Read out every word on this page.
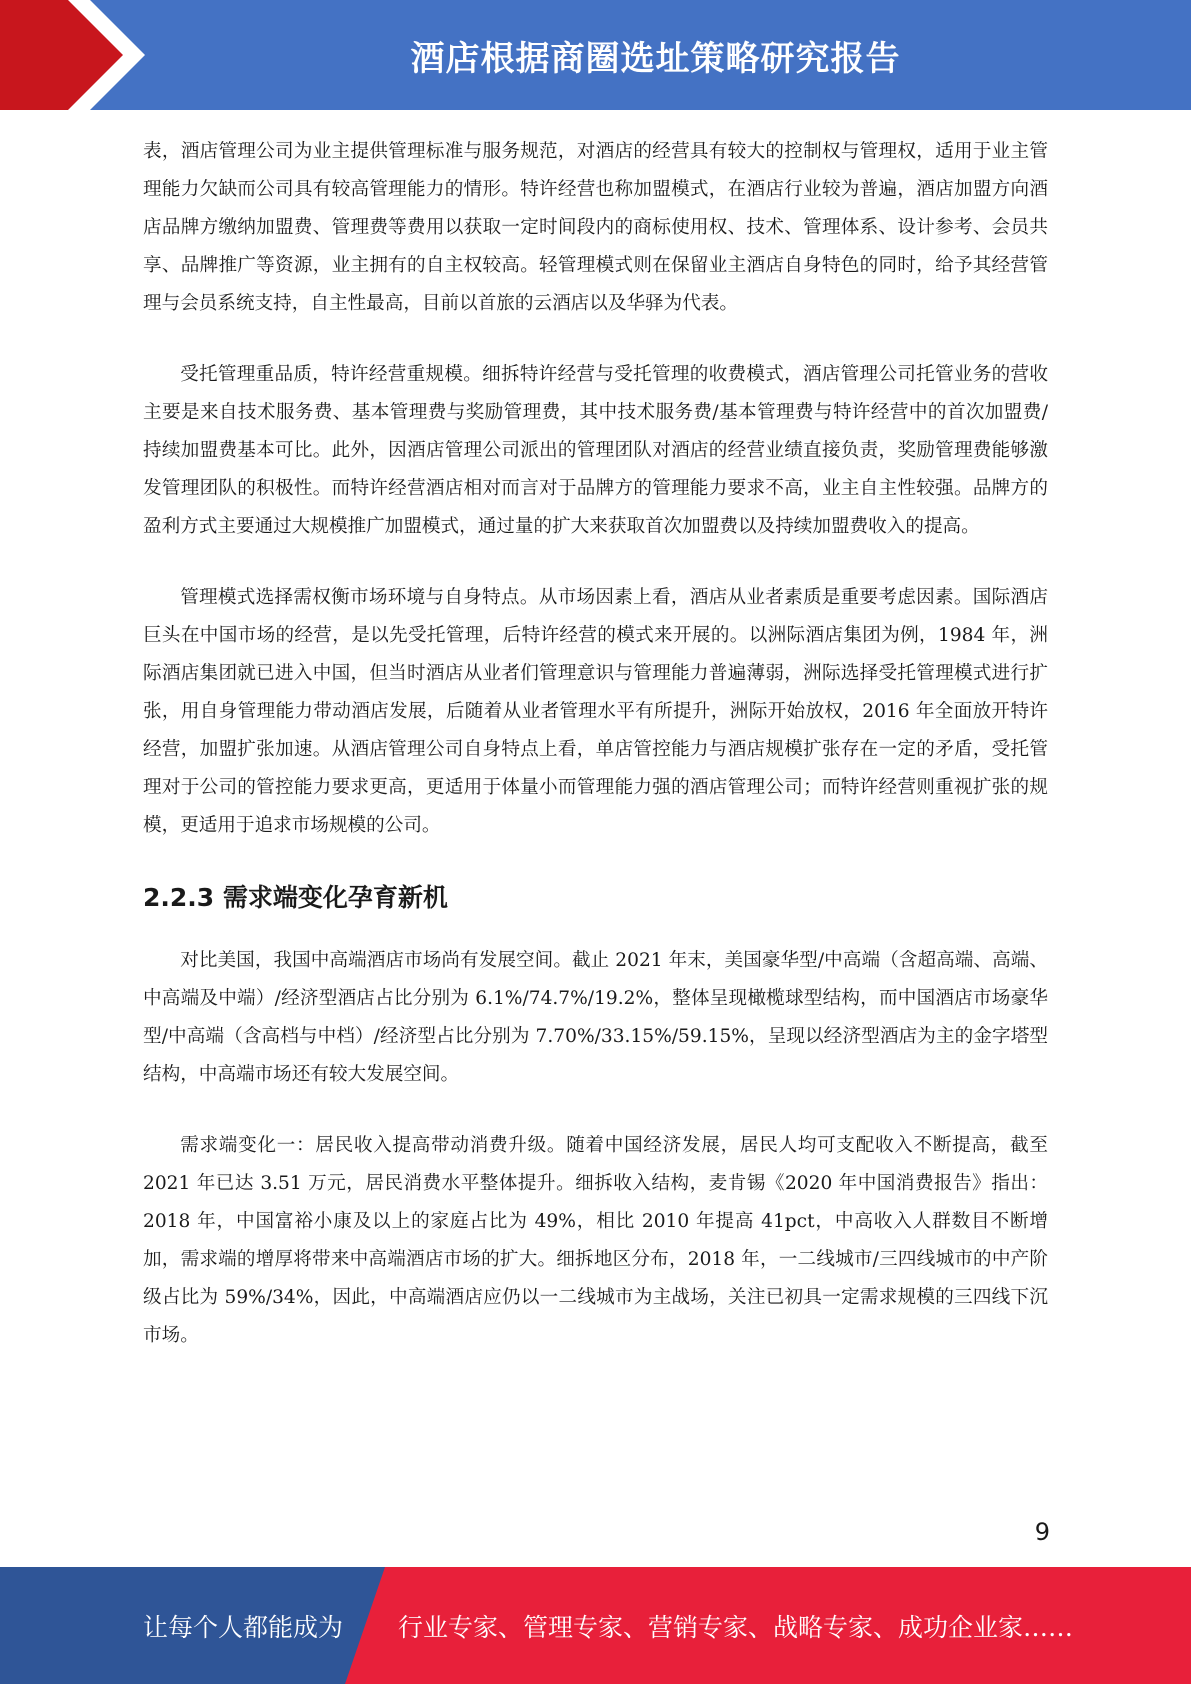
酒店根据商圈选址策略研究报告

表，酒店管理公司为业主提供管理标准与服务规范，对酒店的经营具有较大的控制权与管理权，适用于业主管理能力欠缺而公司具有较高管理能力的情形。特许经营也称加盟模式，在酒店行业较为普遍，酒店加盟方向酒店品牌方缴纳加盟费、管理费等费用以获取一定时间段内的商标使用权、技术、管理体系、设计参考、会员共享、品牌推广等资源，业主拥有的自主权较高。轻管理模式则在保留业主酒店自身特色的同时，给予其经营管理与会员系统支持，自主性最高，目前以首旅的云酒店以及华驿为代表。

受托管理重品质，特许经营重规模。细拆特许经营与受托管理的收费模式，酒店管理公司托管业务的营收主要是来自技术服务费、基本管理费与奖励管理费，其中技术服务费/基本管理费与特许经营中的首次加盟费/持续加盟费基本可比。此外，因酒店管理公司派出的管理团队对酒店的经营业绩直接负责，奖励管理费能够激发管理团队的积极性。而特许经营酒店相对而言对于品牌方的管理能力要求不高，业主自主性较强。品牌方的盈利方式主要通过大规模推广加盟模式，通过量的扩大来获取首次加盟费以及持续加盟费收入的提高。

管理模式选择需权衡市场环境与自身特点。从市场因素上看，酒店从业者素质是重要考虑因素。国际酒店巨头在中国市场的经营，是以先受托管理，后特许经营的模式来开展的。以洲际酒店集团为例，1984 年，洲际酒店集团就已进入中国，但当时酒店从业者们管理意识与管理能力普遍薄弱，洲际选择受托管理模式进行扩张，用自身管理能力带动酒店发展，后随着从业者管理水平有所提升，洲际开始放权，2016 年全面放开特许经营，加盟扩张加速。从酒店管理公司自身特点上看，单店管控能力与酒店规模扩张存在一定的矛盾，受托管理对于公司的管控能力要求更高，更适用于体量小而管理能力强的酒店管理公司；而特许经营则重视扩张的规模，更适用于追求市场规模的公司。

2.2.3 需求端变化孕育新机

对比美国，我国中高端酒店市场尚有发展空间。截止 2021 年末，美国豪华型/中高端（含超高端、高端、中高端及中端）/经济型酒店占比分别为 6.1%/74.7%/19.2%，整体呈现橄榄球型结构，而中国酒店市场豪华型/中高端（含高档与中档）/经济型占比分别为 7.70%/33.15%/59.15%，呈现以经济型酒店为主的金字塔型结构，中高端市场还有较大发展空间。

需求端变化一：居民收入提高带动消费升级。随着中国经济发展，居民人均可支配收入不断提高，截至 2021 年已达 3.51 万元，居民消费水平整体提升。细拆收入结构，麦肯锡《2020 年中国消费报告》指出：2018 年，中国富裕小康及以上的家庭占比为 49%，相比 2010 年提高 41pct，中高收入人群数目不断增加，需求端的增厚将带来中高端酒店市场的扩大。细拆地区分布，2018 年，一二线城市/三四线城市的中产阶级占比为 59%/34%，因此，中高端酒店应仍以一二线城市为主战场，关注已初具一定需求规模的三四线下沉市场。

9
让每个人都能成为 行业专家、管理专家、营销专家、战略专家、成功企业家……
